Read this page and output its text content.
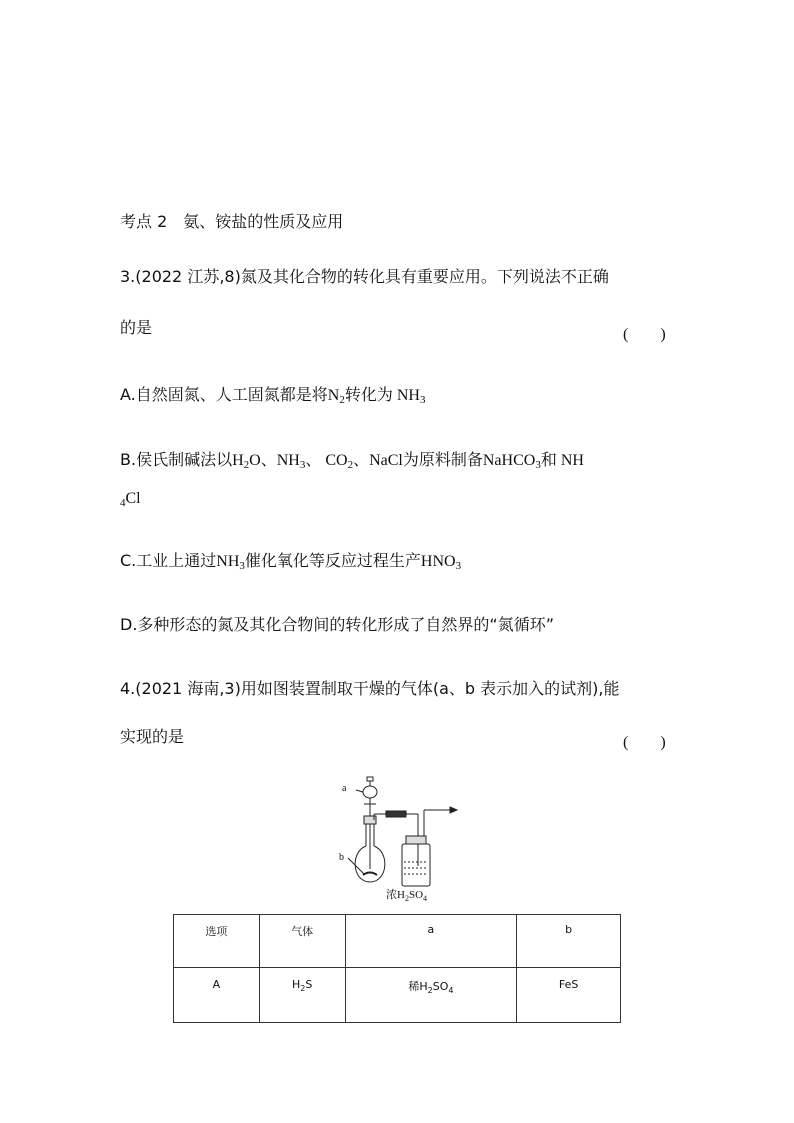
考点 2　氨、铵盐的性质及应用
3.(2022 江苏,8)氮及其化合物的转化具有重要应用。下列说法不正确
的是	(　　)
A.自然固氮、人工固氮都是将$N_2$转化为 $NH_3$
B.侯氏制碱法以$H_2O$、$NH_3$、 $CO_2$、NaCl为原料制备NaHCO$_3$和 NH
$_4$Cl
C.工业上通过$NH_3$催化氧化等反应过程生产$HNO_3$
D.多种形态的氮及其化合物间的转化形成了自然界的“氮循环”
4.(2021 海南,3)用如图装置制取干燥的气体(a、b 表示加入的试剂),能
实现的是	(　　)
a
b
浓$H_2SO_4$
选项	气体	a	b
A	$H_2S$	稀$H_2SO_4$	FeS
